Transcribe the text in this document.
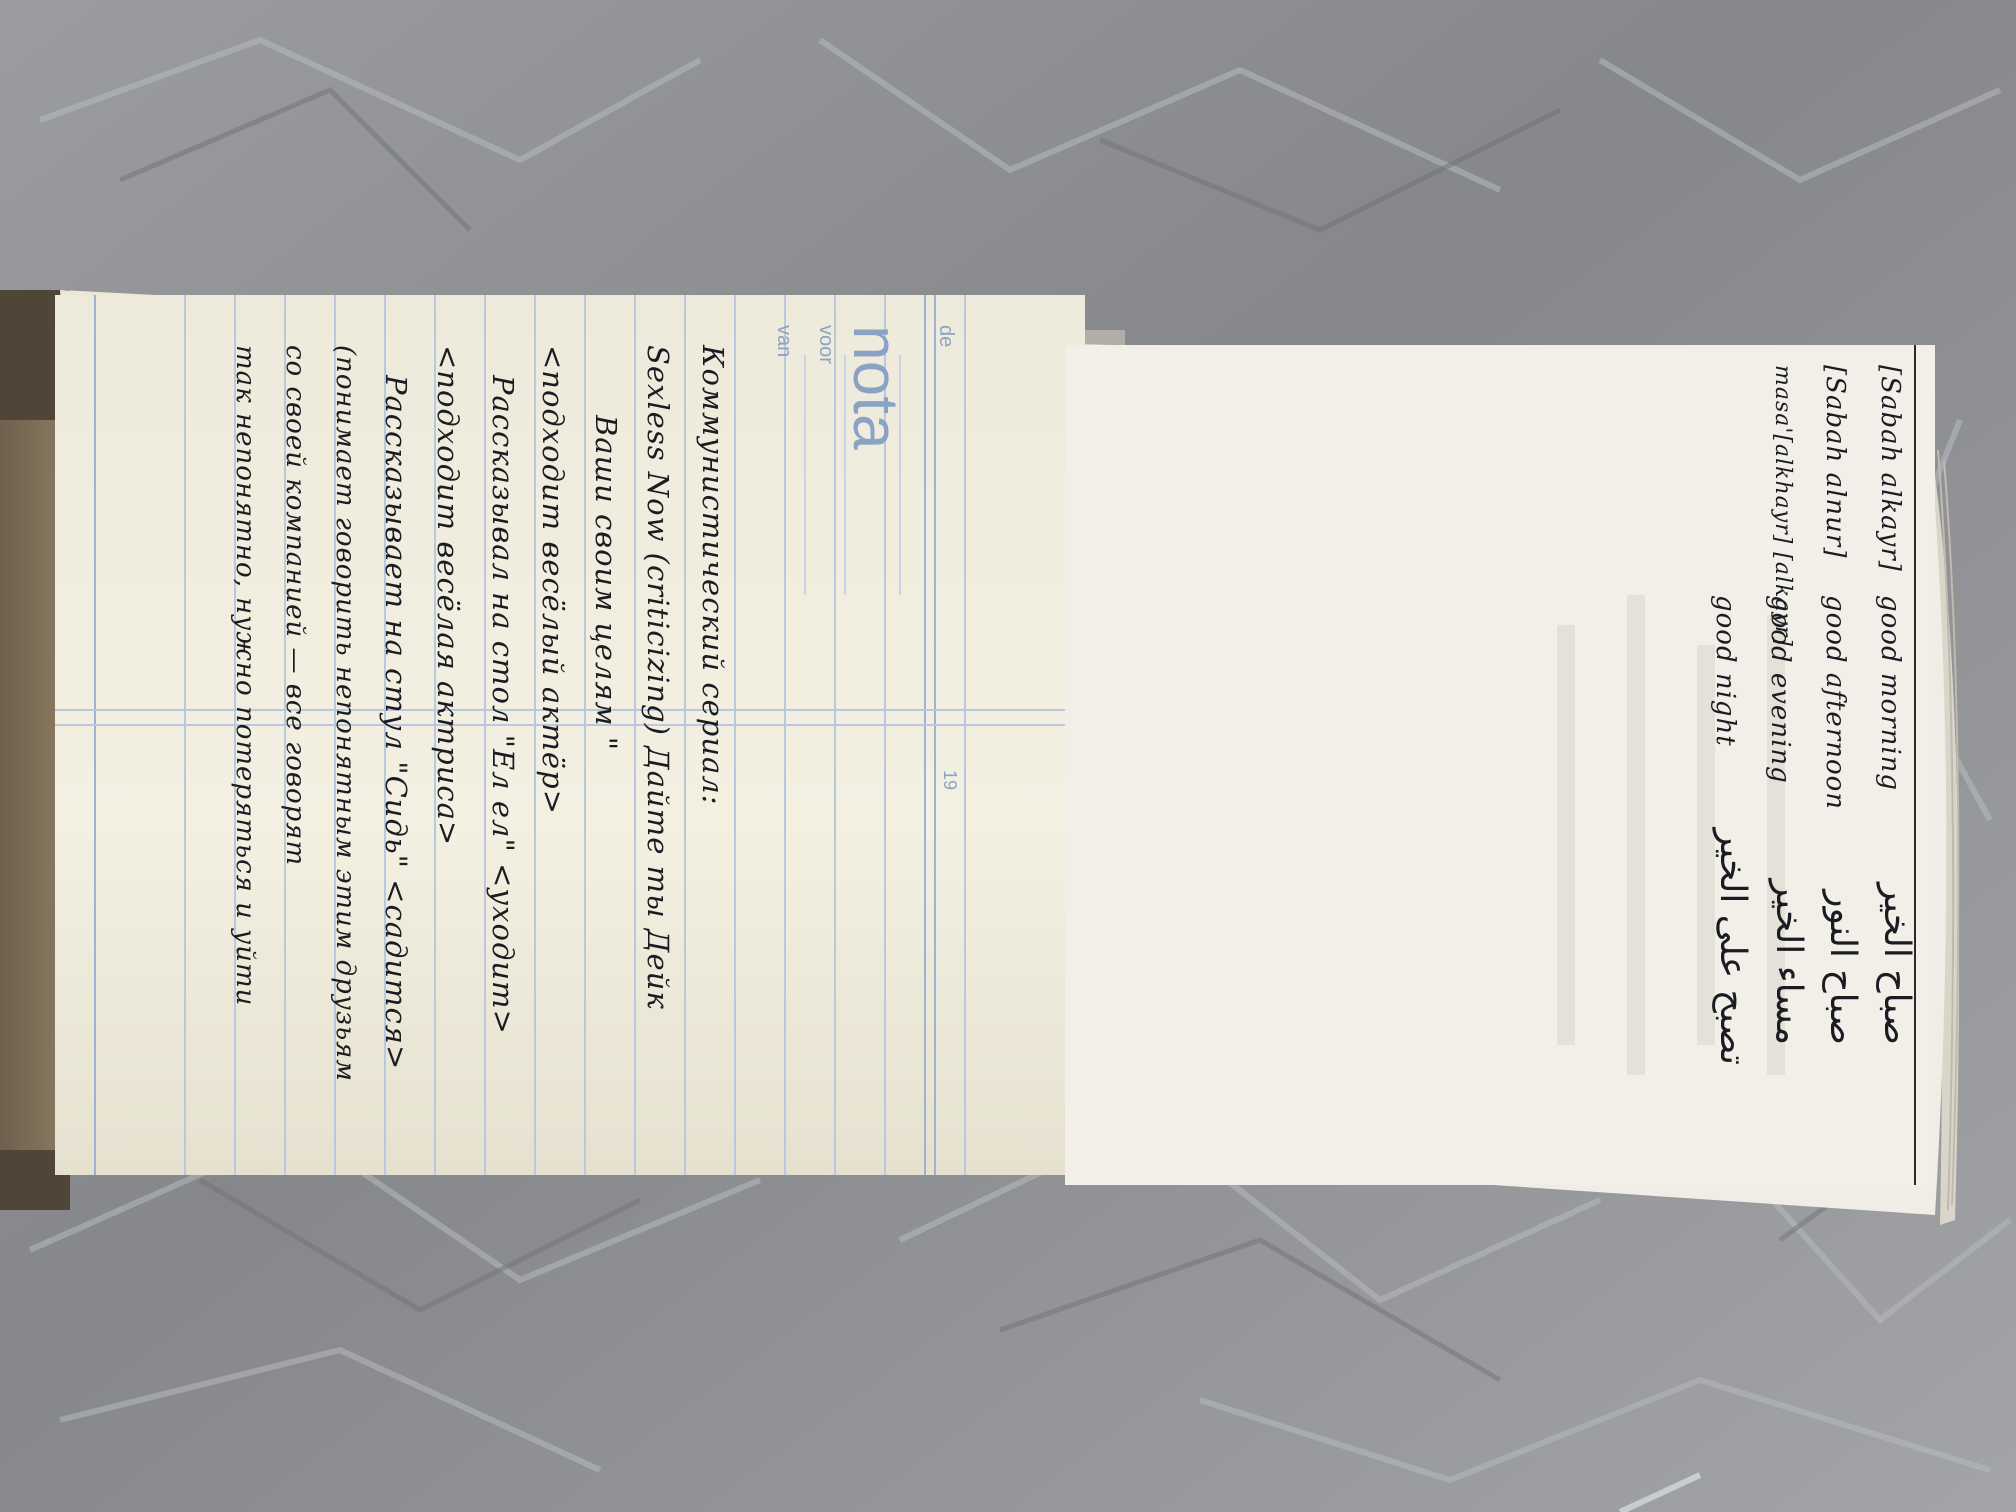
nota de
voor
van
19
Коммунистический сериал:
Sexless Now (criticizing) Дайте ты Дейк
Ваши своим целям "
<подходит весёлый актёр>
Рассказывал на стол "Ел ел" <уходит>
<подходит весёлая актриса>
Рассказывает на стул "Сидь" <садится>
(понимает говорить непонятным этим друзьям
со своей компанией — все говорят
так непонятно, нужно потеряться и уйти	[Sabah alkayr]
good morning
صباح الخير
[Sabah alnur]
good afternoon
صباح النور
masa'[alkhayr] [alkayr]
good evening
مساء الخير
good night
تصبح على الخير
